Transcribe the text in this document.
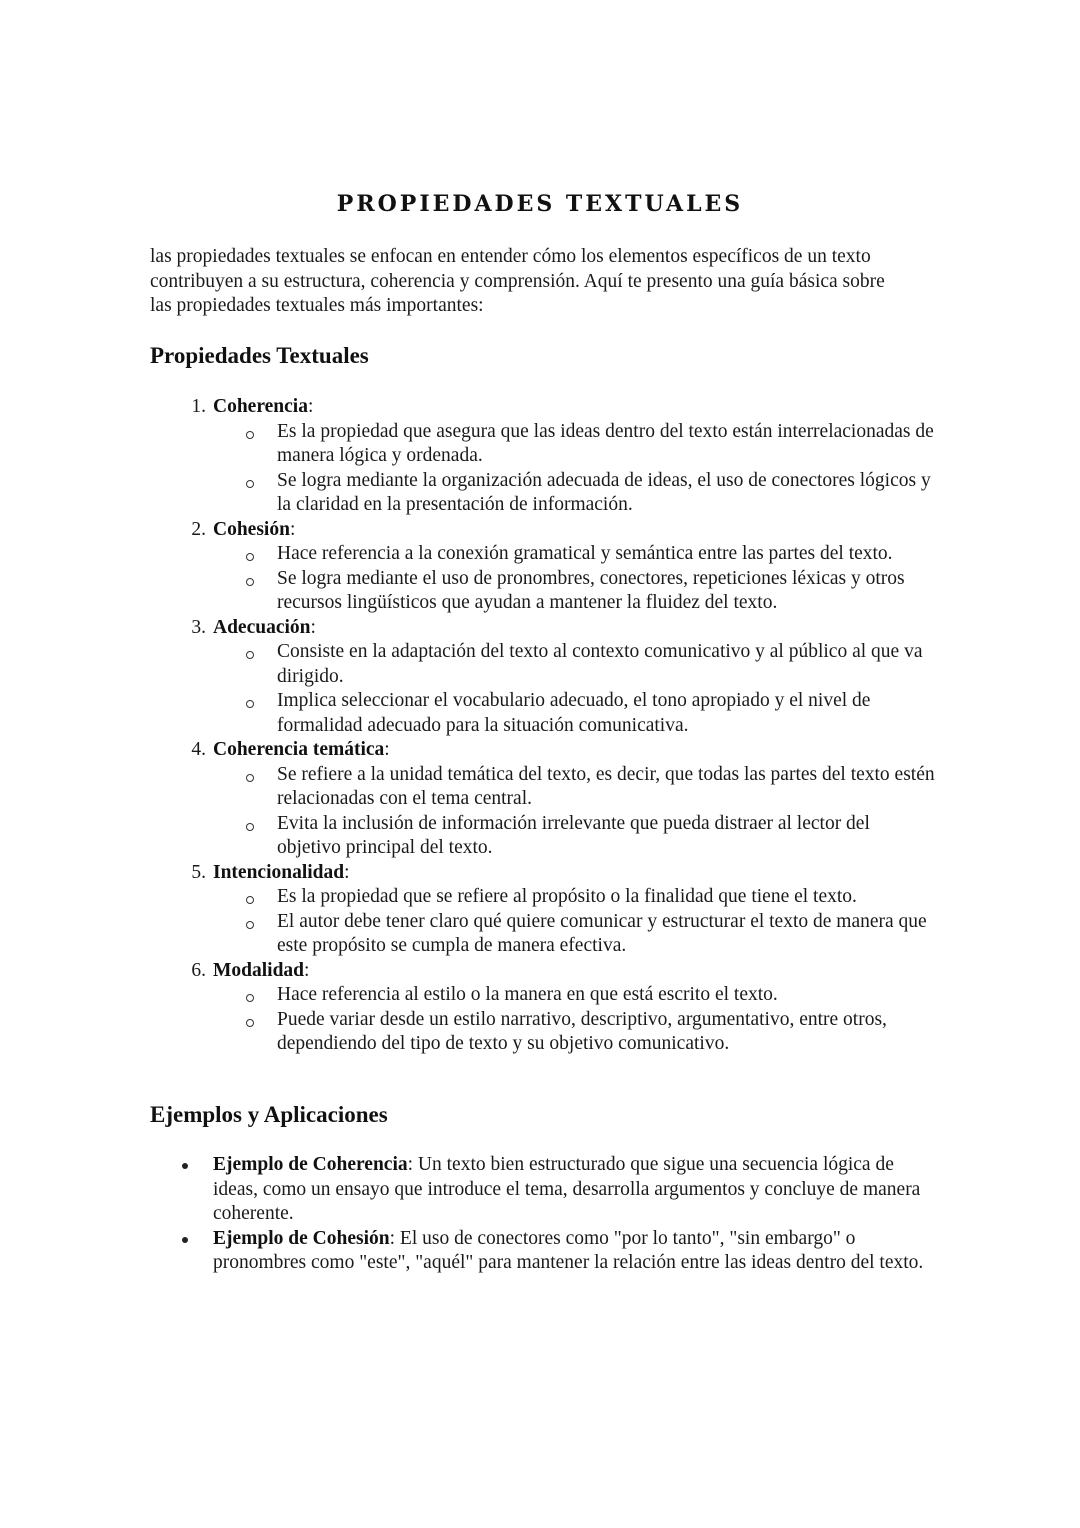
PROPIEDADES TEXTUALES

las propiedades textuales se enfocan en entender cómo los elementos específicos de un texto contribuyen a su estructura, coherencia y comprensión. Aquí te presento una guía básica sobre las propiedades textuales más importantes:

Propiedades Textuales
1. Coherencia:
Es la propiedad que asegura que las ideas dentro del texto están interrelacionadas de manera lógica y ordenada.
Se logra mediante la organización adecuada de ideas, el uso de conectores lógicos y la claridad en la presentación de información.
2. Cohesión:
Hace referencia a la conexión gramatical y semántica entre las partes del texto.
Se logra mediante el uso de pronombres, conectores, repeticiones léxicas y otros recursos lingüísticos que ayudan a mantener la fluidez del texto.
3. Adecuación:
Consiste en la adaptación del texto al contexto comunicativo y al público al que va dirigido.
Implica seleccionar el vocabulario adecuado, el tono apropiado y el nivel de formalidad adecuado para la situación comunicativa.
4. Coherencia temática:
Se refiere a la unidad temática del texto, es decir, que todas las partes del texto estén relacionadas con el tema central.
Evita la inclusión de información irrelevante que pueda distraer al lector del objetivo principal del texto.
5. Intencionalidad:
Es la propiedad que se refiere al propósito o la finalidad que tiene el texto.
El autor debe tener claro qué quiere comunicar y estructurar el texto de manera que este propósito se cumpla de manera efectiva.
6. Modalidad:
Hace referencia al estilo o la manera en que está escrito el texto.
Puede variar desde un estilo narrativo, descriptivo, argumentativo, entre otros, dependiendo del tipo de texto y su objetivo comunicativo.
Ejemplos y Aplicaciones
Ejemplo de Coherencia: Un texto bien estructurado que sigue una secuencia lógica de ideas, como un ensayo que introduce el tema, desarrolla argumentos y concluye de manera coherente.
Ejemplo de Cohesión: El uso de conectores como "por lo tanto", "sin embargo" o pronombres como "este", "aquél" para mantener la relación entre las ideas dentro del texto.
